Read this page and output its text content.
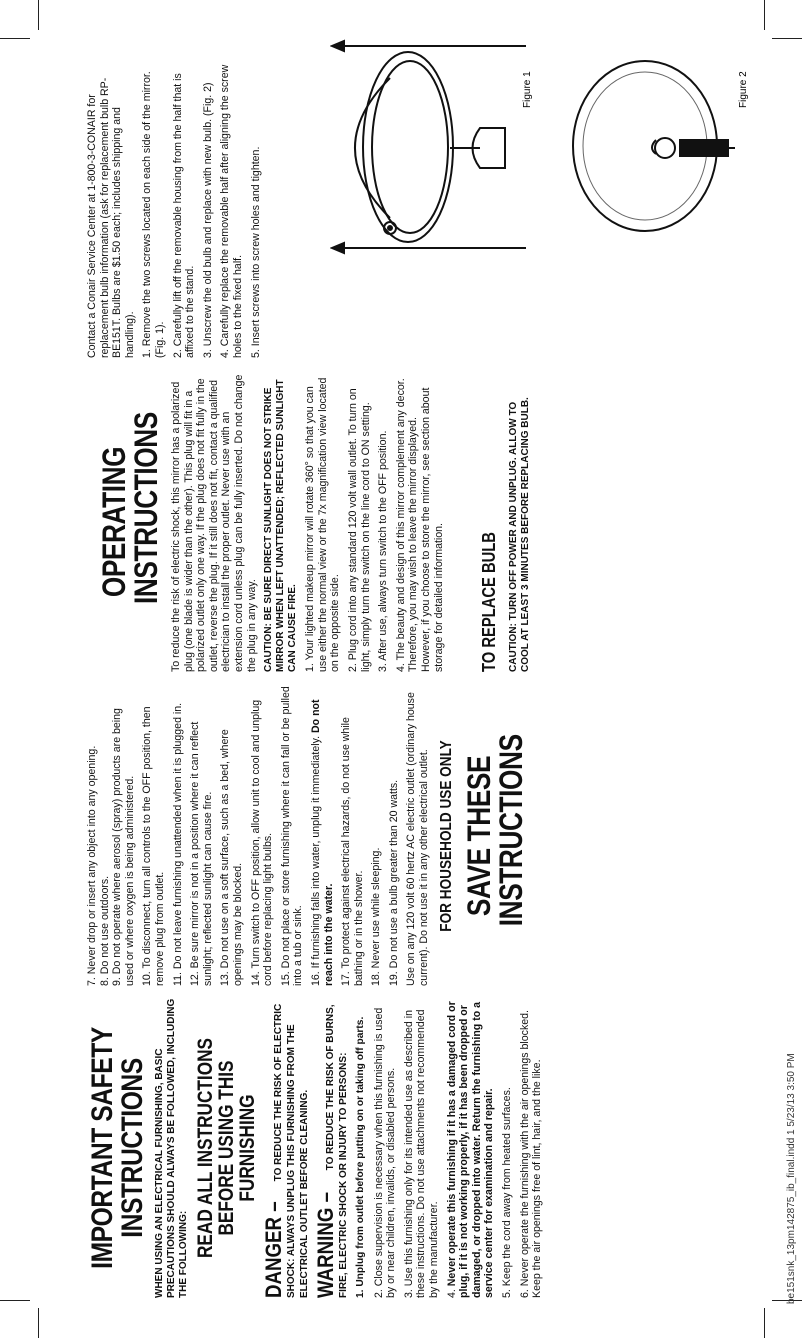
IMPORTANT SAFETY INSTRUCTIONS WHEN USING AN ELECTRICAL FURNISHING, BASIC PRECAUTIONS SHOULD ALWAYS BE FOLLOWED, INCLUDING THE FOLLOWING: READ ALL INSTRUCTIONS BEFORE USING THIS FURNISHING

DANGER – TO REDUCE THE RISK OF ELECTRIC SHOCK: ALWAYS UNPLUG THIS FURNISHING FROM THE ELECTRICAL OUTLET BEFORE CLEANING. WARNING – TO REDUCE THE RISK OF BURNS, FIRE, ELECTRIC SHOCK OR INJURY TO PERSONS: 1. Unplug from outlet before putting on or taking off parts. 2. Close supervision is necessary when this furnishing is used by or near children, invalids, or disabled persons. 3. Use this furnishing only for its intended use as described in these instructions. Do not use attachments not recommended by the manufacturer. 4. Never operate this furnishing if it has a damaged cord or plug, if it is not working properly, if it has been dropped or damaged, or dropped into water. Return the furnishing to a service center for examination and repair. 5. Keep the cord away from heated surfaces. 6. Never operate the furnishing with the air openings blocked. Keep the air openings free of lint, hair, and the like.

7. Never drop or insert any object into any opening. 8. Do not use outdoors. 9. Do not operate where aerosol (spray) products are being used or where oxygen is being administered. 10. To disconnect, turn all controls to the OFF position, then remove plug from outlet. 11. Do not leave furnishing unattended when it is plugged in. 12. Be sure mirror is not in a position where it can reflect sunlight; reflected sunlight can cause fire. 13. Do not use on a soft surface, such as a bed, where openings may be blocked. 14. Turn switch to OFF position, allow unit to cool and unplug cord before replacing light bulbs. 15. Do not place or store furnishing where it can fall or be pulled into a tub or sink. 16. If furnishing falls into water, unplug it immediately. Do not reach into the water. 17. To protect against electrical hazards, do not use while bathing or in the shower. 18. Never use while sleeping. 19. Do not use a bulb greater than 20 watts. Use on any 120 volt 60 hertz AC electric outlet (ordinary house current). Do not use it in any other electrical outlet. FOR HOUSEHOLD USE ONLY SAVE THESE INSTRUCTIONS
OPERATING INSTRUCTIONS To reduce the risk of electric shock, this mirror has a polarized plug (one blade is wider than the other). This plug will fit in a polarized outlet only one way. If the plug does not fit fully in the outlet, reverse the plug. If it still does not fit, contact a qualified electrician to install the proper outlet. Never use with an extension cord unless plug can be fully inserted. Do not change the plug in any way. CAUTION: BE SURE DIRECT SUNLIGHT DOES NOT STRIKE MIRROR WHEN LEFT UNATTENDED; REFLECTED SUNLIGHT CAN CAUSE FIRE. 1. Your lighted makeup mirror will rotate 360° so that you can use either the normal view or the 7x magnification view located on the opposite side. 2. Plug cord into any standard 120 volt wall outlet. To turn on light, simply turn the switch on the line cord to ON setting. 3. After use, always turn switch to the OFF position. 4. The beauty and design of this mirror complement any decor. Therefore, you may wish to leave the mirror displayed. However, if you choose to store the mirror, see section about storage for detailed information. TO REPLACE BULB CAUTION: TURN OFF POWER AND UNPLUG. ALLOW TO COOL AT LEAST 3 MINUTES BEFORE REPLACING BULB.

Contact a Conair Service Center at 1-800-3-CONAIR for replacement bulb information (ask for replacement bulb RP-BE151T. Bulbs are $1.50 each; includes shipping and handling). 1. Remove the two screws located on each side of the mirror. (Fig. 1). 2. Carefully lift off the removable housing from the half that is affixed to the stand. 3. Unscrew the old bulb and replace with new bulb. (Fig. 2) 4. Carefully replace the removable half after aligning the screw holes to the fixed half. 5. Insert screws into screw holes and tighten.

Figure 1	Figure 2
be151snk_13pm142875_ib_final.indd 1 5/23/13 3:50 PM
